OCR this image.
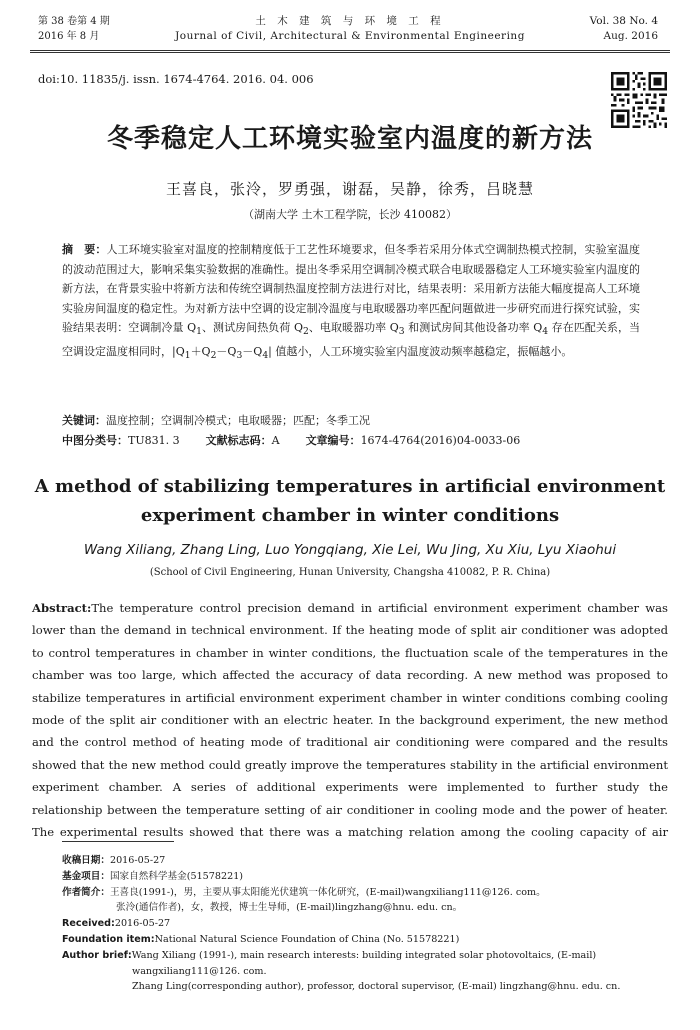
第 38 卷第 4 期
2016 年 8 月
土 木 建 筑 与 环 境 工 程
Journal of Civil, Architectural & Environmental Engineering
Vol. 38 No. 4
Aug. 2016
doi:10. 11835/j. issn. 1674-4764. 2016. 04. 006
冬季稳定人工环境实验室内温度的新方法
王喜良，张泠，罗勇强，谢磊，吴静，徐秀，吕晓慧
（湖南大学 土木工程学院，长沙 410082）
摘　要：人工环境实验室对温度的控制精度低于工艺性环境要求，但冬季若采用分体式空调制热模式控制，实验室温度的波动范围过大，影响采集实验数据的准确性。提出冬季采用空调制冷模式联合电取暖器稳定人工环境实验室内温度的新方法，在背景实验中将新方法和传统空调制热温度控制方法进行对比，结果表明：采用新方法能大幅度提高人工环境实验房间温度的稳定性。为对新方法中空调的设定制冷温度与电取暖器功率匹配问题做进一步研究而进行探究试验，实验结果表明：空调制冷量 $Q_1$、测试房间热负荷 $Q_2$、电取暖器功率 $Q_3$ 和测试房间其他设备功率 $Q_4$ 存在匹配关系，当空调设定温度相同时，$|Q_1+Q_2-Q_3-Q_4|$ 值越小，人工环境实验室内温度波动频率越稳定，振幅越小。
关键词：温度控制；空调制冷模式；电取暖器；匹配；冬季工况
中图分类号：TU831. 3 文献标志码：A 文章编号：1674-4764(2016)04-0033-06
A method of stabilizing temperatures in artificial environment
experiment chamber in winter conditions
Wang Xiliang, Zhang Ling, Luo Yongqiang, Xie Lei, Wu Jing, Xu Xiu, Lyu Xiaohui
(School of Civil Engineering, Hunan University, Changsha 410082, P. R. China)
Abstract:The temperature control precision demand in artificial environment experiment chamber was lower than the demand in technical environment. If the heating mode of split air conditioner was adopted to control temperatures in chamber in winter conditions, the fluctuation scale of the temperatures in the chamber was too large, which affected the accuracy of data recording. A new method was proposed to stabilize temperatures in artificial environment experiment chamber in winter conditions combing cooling mode of the split air conditioner with an electric heater. In the background experiment, the new method and the control method of heating mode of traditional air conditioning were compared and the results showed that the new method could greatly improve the temperatures stability in the artificial environment experiment chamber. A series of additional experiments were implemented to further study the relationship between the temperature setting of air conditioner in cooling mode and the power of heater. The experimental results showed that there was a matching relation among the cooling capacity of air
收稿日期：2016-05-27
基金项目：国家自然科学基金(51578221)
作者简介：王喜良(1991-)，男，主要从事太阳能光伏建筑一体化研究，(E-mail)wangxiliang111@126. com。
张泠(通信作者)，女，教授，博士生导师，(E-mail)lingzhang@hnu. edu. cn。
Received:2016-05-27
Foundation item:National Natural Science Foundation of China (No. 51578221)
Author brief:Wang Xiliang (1991-), main research interests: building integrated solar photovoltaics, (E-mail)
wangxiliang111@126. com.
Zhang Ling(corresponding author), professor, doctoral supervisor, (E-mail) lingzhang@hnu. edu. cn.
